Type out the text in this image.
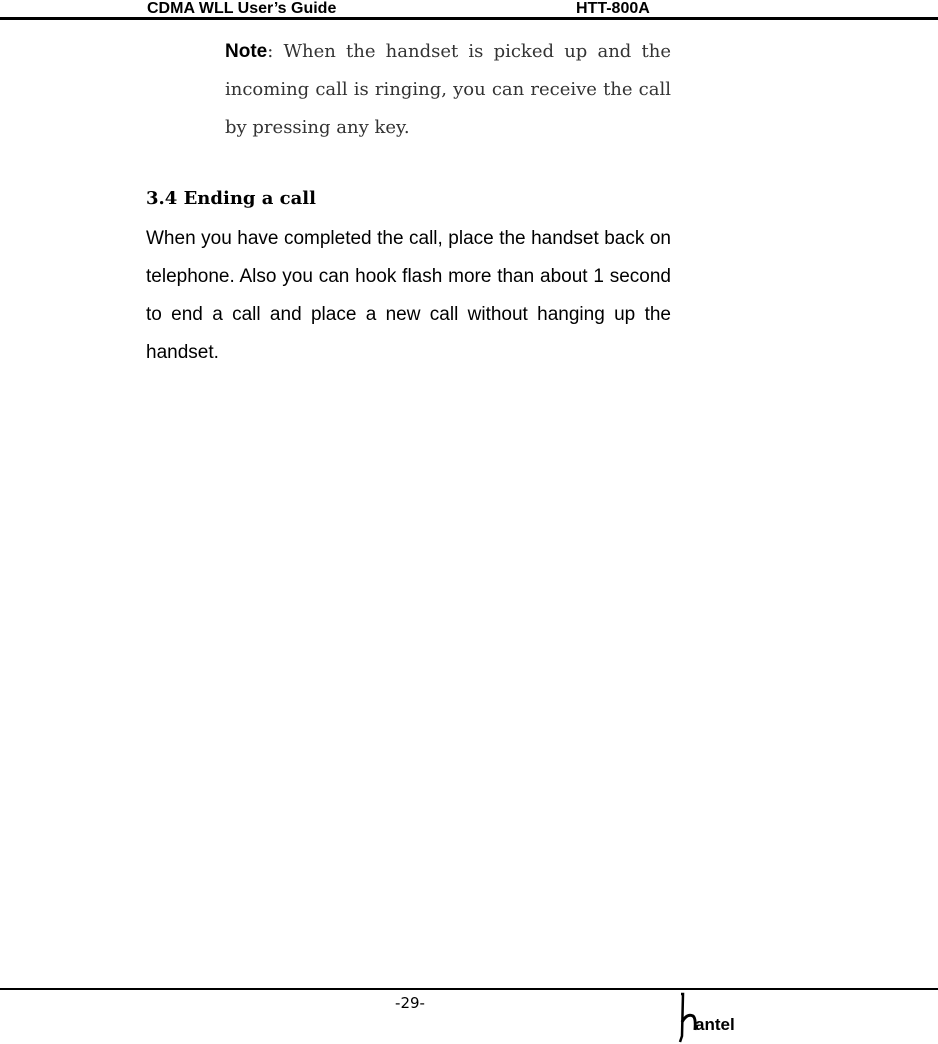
CDMA WLL User’s Guide	HTT-800A
Note: When the handset is picked up and the incoming call is ringing, you can receive the call by pressing any key.
3.4 Ending a call
When you have completed the call, place the handset back on telephone. Also you can hook flash more than about 1 second to end a call and place a new call without hanging up the handset.
-29-
antel
